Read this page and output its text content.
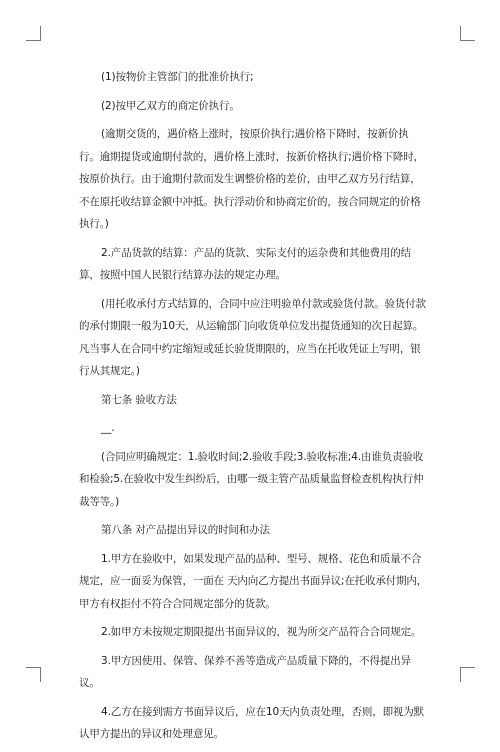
(1)按物价主管部门的批准价执行;

(2)按甲乙双方的商定价执行。

(逾期交货的，遇价格上涨时，按原价执行;遇价格下降时，按新价执行。逾期提货或逾期付款的，遇价格上涨时，按新价格执行;遇价格下降时，按原价执行。由于逾期付款而发生调整价格的差价，由甲乙双方另行结算，不在原托收结算金额中冲抵。执行浮动价和协商定价的，按合同规定的价格执行。)

2.产品货款的结算：产品的货款、实际支付的运杂费和其他费用的结算，按照中国人民银行结算办法的规定办理。

(用托收承付方式结算的，合同中应注明验单付款或验货付款。验货付款的承付期限一般为10天，从运输部门向收货单位发出提货通知的次日起算。凡当事人在合同中约定缩短或延长验货期限的，应当在托收凭证上写明，银行从其规定。)

第七条 验收方法

__.

(合同应明确规定：1.验收时间;2.验收手段;3.验收标准;4.由谁负责验收和检验;5.在验收中发生纠纷后，由哪一级主管产品质量监督检查机构执行仲裁等等。)

第八条 对产品提出异议的时间和办法

1.甲方在验收中，如果发现产品的品种、型号、规格、花色和质量不合规定，应一面妥为保管，一面在 天内向乙方提出书面异议;在托收承付期内，甲方有权拒付不符合合同规定部分的货款。

2.如甲方未按规定期限提出书面异议的，视为所交产品符合合同规定。

3.甲方因使用、保管、保养不善等造成产品质量下降的，不得提出异议。

4.乙方在接到需方书面异议后，应在10天内负责处理，否则，即视为默认甲方提出的异议和处理意见。
